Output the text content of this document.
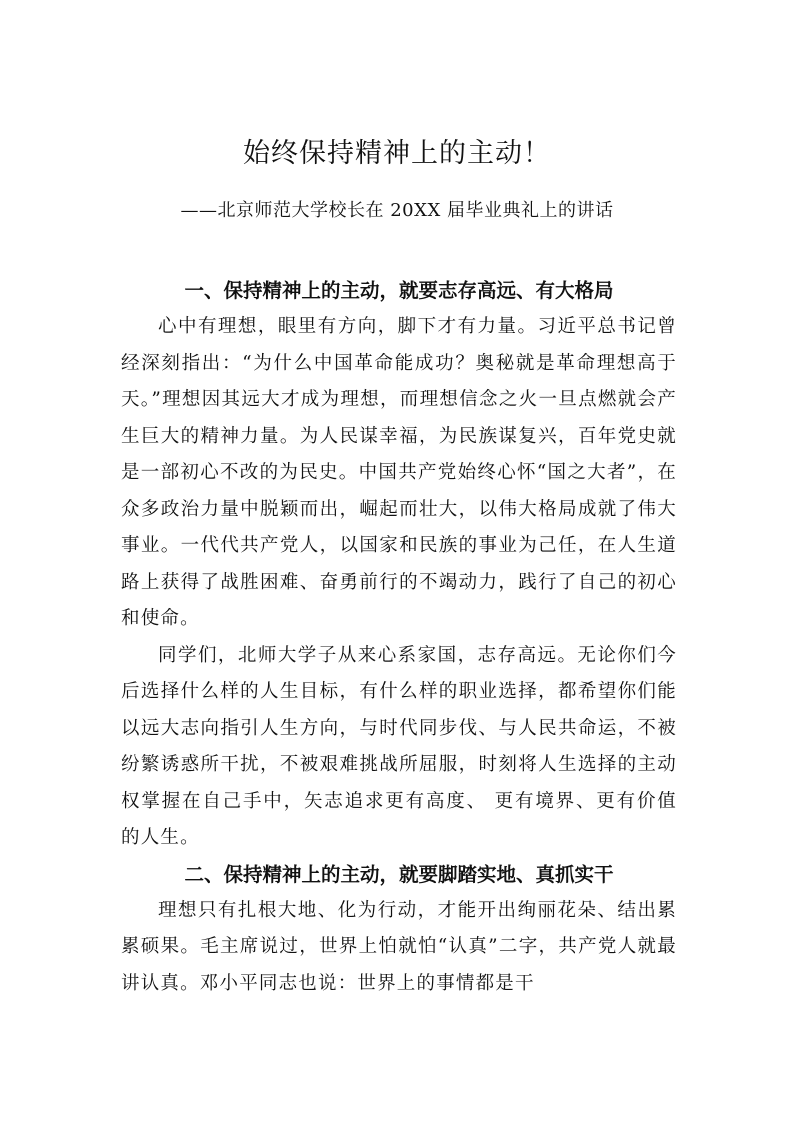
始终保持精神上的主动！
——北京师范大学校长在 20XX 届毕业典礼上的讲话

一、保持精神上的主动，就要志存高远、有大格局

心中有理想，眼里有方向，脚下才有力量。习近平总书记曾经深刻指出：“为什么中国革命能成功？奥秘就是革命理想高于天。”理想因其远大才成为理想，而理想信念之火一旦点燃就会产生巨大的精神力量。为人民谋幸福，为民族谋复兴，百年党史就是一部初心不改的为民史。中国共产党始终心怀“国之大者”，在众多政治力量中脱颖而出，崛起而壮大，以伟大格局成就了伟大事业。一代代共产党人，以国家和民族的事业为己任，在人生道路上获得了战胜困难、奋勇前行的不竭动力，践行了自己的初心和使命。

同学们，北师大学子从来心系家国，志存高远。无论你们今后选择什么样的人生目标，有什么样的职业选择，都希望你们能以远大志向指引人生方向，与时代同步伐、与人民共命运，不被纷繁诱惑所干扰，不被艰难挑战所屈服，时刻将人生选择的主动权掌握在自己手中，矢志追求更有高度、 更有境界、更有价值的人生。

二、保持精神上的主动，就要脚踏实地、真抓实干

理想只有扎根大地、化为行动，才能开出绚丽花朵、结出累累硕果。毛主席说过，世界上怕就怕“认真”二字，共产党人就最讲认真。邓小平同志也说：世界上的事情都是干
